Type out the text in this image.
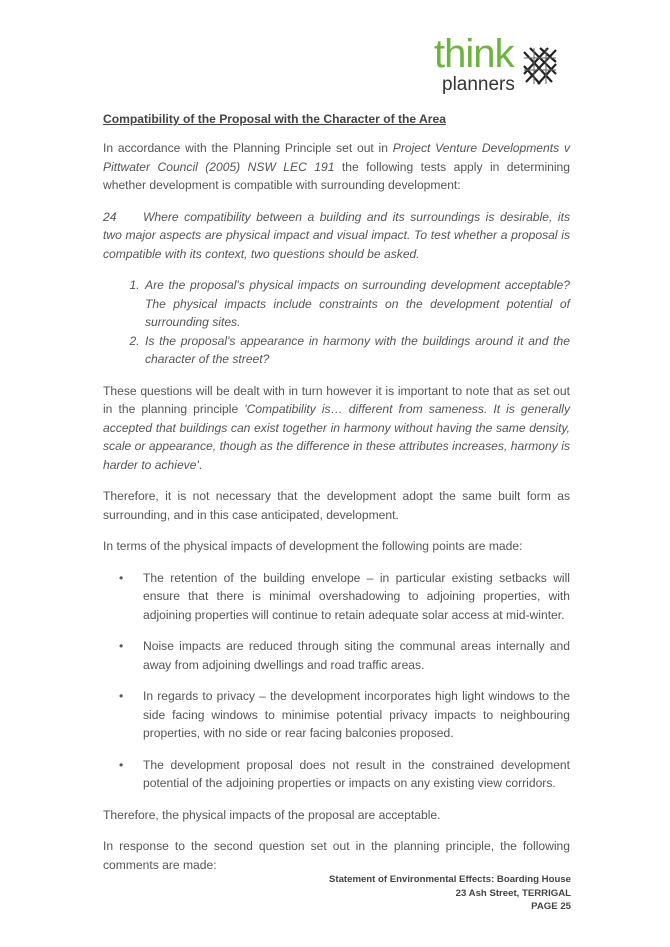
think
planners
Compatibility of the Proposal with the Character of the Area

In accordance with the Planning Principle set out in Project Venture Developments v Pittwater Council (2005) NSW LEC 191 the following tests apply in determining whether development is compatible with surrounding development:

24 Where compatibility between a building and its surroundings is desirable, its two major aspects are physical impact and visual impact. To test whether a proposal is compatible with its context, two questions should be asked.

1. Are the proposal's physical impacts on surrounding development acceptable? The physical impacts include constraints on the development potential of surrounding sites.
2. Is the proposal's appearance in harmony with the buildings around it and the character of the street?

These questions will be dealt with in turn however it is important to note that as set out in the planning principle 'Compatibility is… different from sameness. It is generally accepted that buildings can exist together in harmony without having the same density, scale or appearance, though as the difference in these attributes increases, harmony is harder to achieve'.

Therefore, it is not necessary that the development adopt the same built form as surrounding, and in this case anticipated, development.

In terms of the physical impacts of development the following points are made:

• The retention of the building envelope – in particular existing setbacks will ensure that there is minimal overshadowing to adjoining properties, with adjoining properties will continue to retain adequate solar access at mid-winter.
• Noise impacts are reduced through siting the communal areas internally and away from adjoining dwellings and road traffic areas.
• In regards to privacy – the development incorporates high light windows to the side facing windows to minimise potential privacy impacts to neighbouring properties, with no side or rear facing balconies proposed.
• The development proposal does not result in the constrained development potential of the adjoining properties or impacts on any existing view corridors.

Therefore, the physical impacts of the proposal are acceptable.

In response to the second question set out in the planning principle, the following comments are made:

Statement of Environmental Effects: Boarding House
23 Ash Street, TERRIGAL
PAGE 25
